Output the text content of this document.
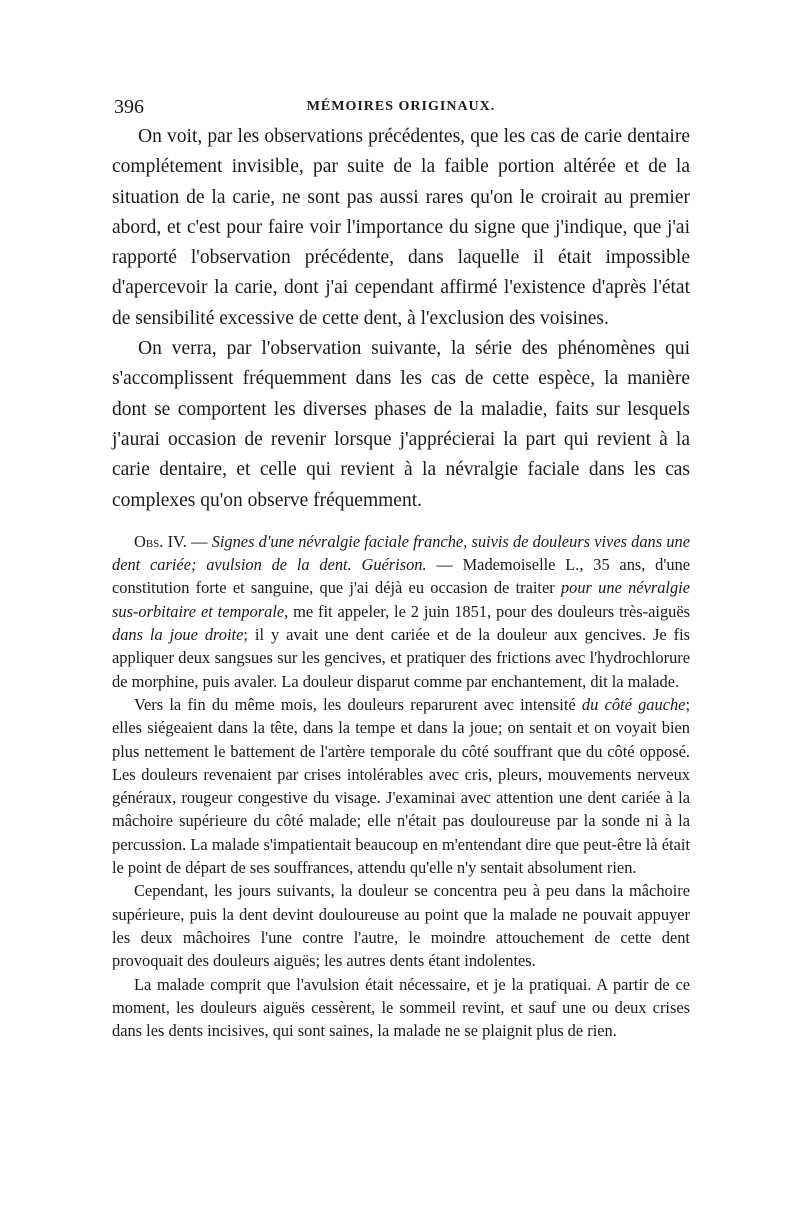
396	MÉMOIRES ORIGINAUX.

On voit, par les observations précédentes, que les cas de carie dentaire complétement invisible, par suite de la faible portion altérée et de la situation de la carie, ne sont pas aussi rares qu'on le croirait au premier abord, et c'est pour faire voir l'importance du signe que j'indique, que j'ai rapporté l'observation précédente, dans laquelle il était impossible d'apercevoir la carie, dont j'ai cependant affirmé l'existence d'après l'état de sensibilité excessive de cette dent, à l'exclusion des voisines.

On verra, par l'observation suivante, la série des phénomènes qui s'accomplissent fréquemment dans les cas de cette espèce, la manière dont se comportent les diverses phases de la maladie, faits sur lesquels j'aurai occasion de revenir lorsque j'apprécierai la part qui revient à la carie dentaire, et celle qui revient à la névralgie faciale dans les cas complexes qu'on observe fréquemment.

Obs. IV. — Signes d'une névralgie faciale franche, suivis de douleurs vives dans une dent cariée; avulsion de la dent. Guérison. — Mademoiselle L., 35 ans, d'une constitution forte et sanguine, que j'ai déjà eu occasion de traiter pour une névralgie sus-orbitaire et temporale, me fit appeler, le 2 juin 1851, pour des douleurs très-aiguës dans la joue droite; il y avait une dent cariée et de la douleur aux gencives. Je fis appliquer deux sangsues sur les gencives, et pratiquer des frictions avec l'hydrochlorure de morphine, puis avaler. La douleur disparut comme par enchantement, dit la malade.

Vers la fin du même mois, les douleurs reparurent avec intensité du côté gauche; elles siégeaient dans la tête, dans la tempe et dans la joue; on sentait et on voyait bien plus nettement le battement de l'artère temporale du côté souffrant que du côté opposé. Les douleurs revenaient par crises intolérables avec cris, pleurs, mouvements nerveux généraux, rougeur congestive du visage. J'examinai avec attention une dent cariée à la mâchoire supérieure du côté malade; elle n'était pas douloureuse par la sonde ni à la percussion. La malade s'impatientait beaucoup en m'entendant dire que peut-être là était le point de départ de ses souffrances, attendu qu'elle n'y sentait absolument rien.

Cependant, les jours suivants, la douleur se concentra peu à peu dans la mâchoire supérieure, puis la dent devint douloureuse au point que la malade ne pouvait appuyer les deux mâchoires l'une contre l'autre, le moindre attouchement de cette dent provoquait des douleurs aiguës; les autres dents étant indolentes.

La malade comprit que l'avulsion était nécessaire, et je la pratiquai. A partir de ce moment, les douleurs aiguës cessèrent, le sommeil revint, et sauf une ou deux crises dans les dents incisives, qui sont saines, la malade ne se plaignit plus de rien.
